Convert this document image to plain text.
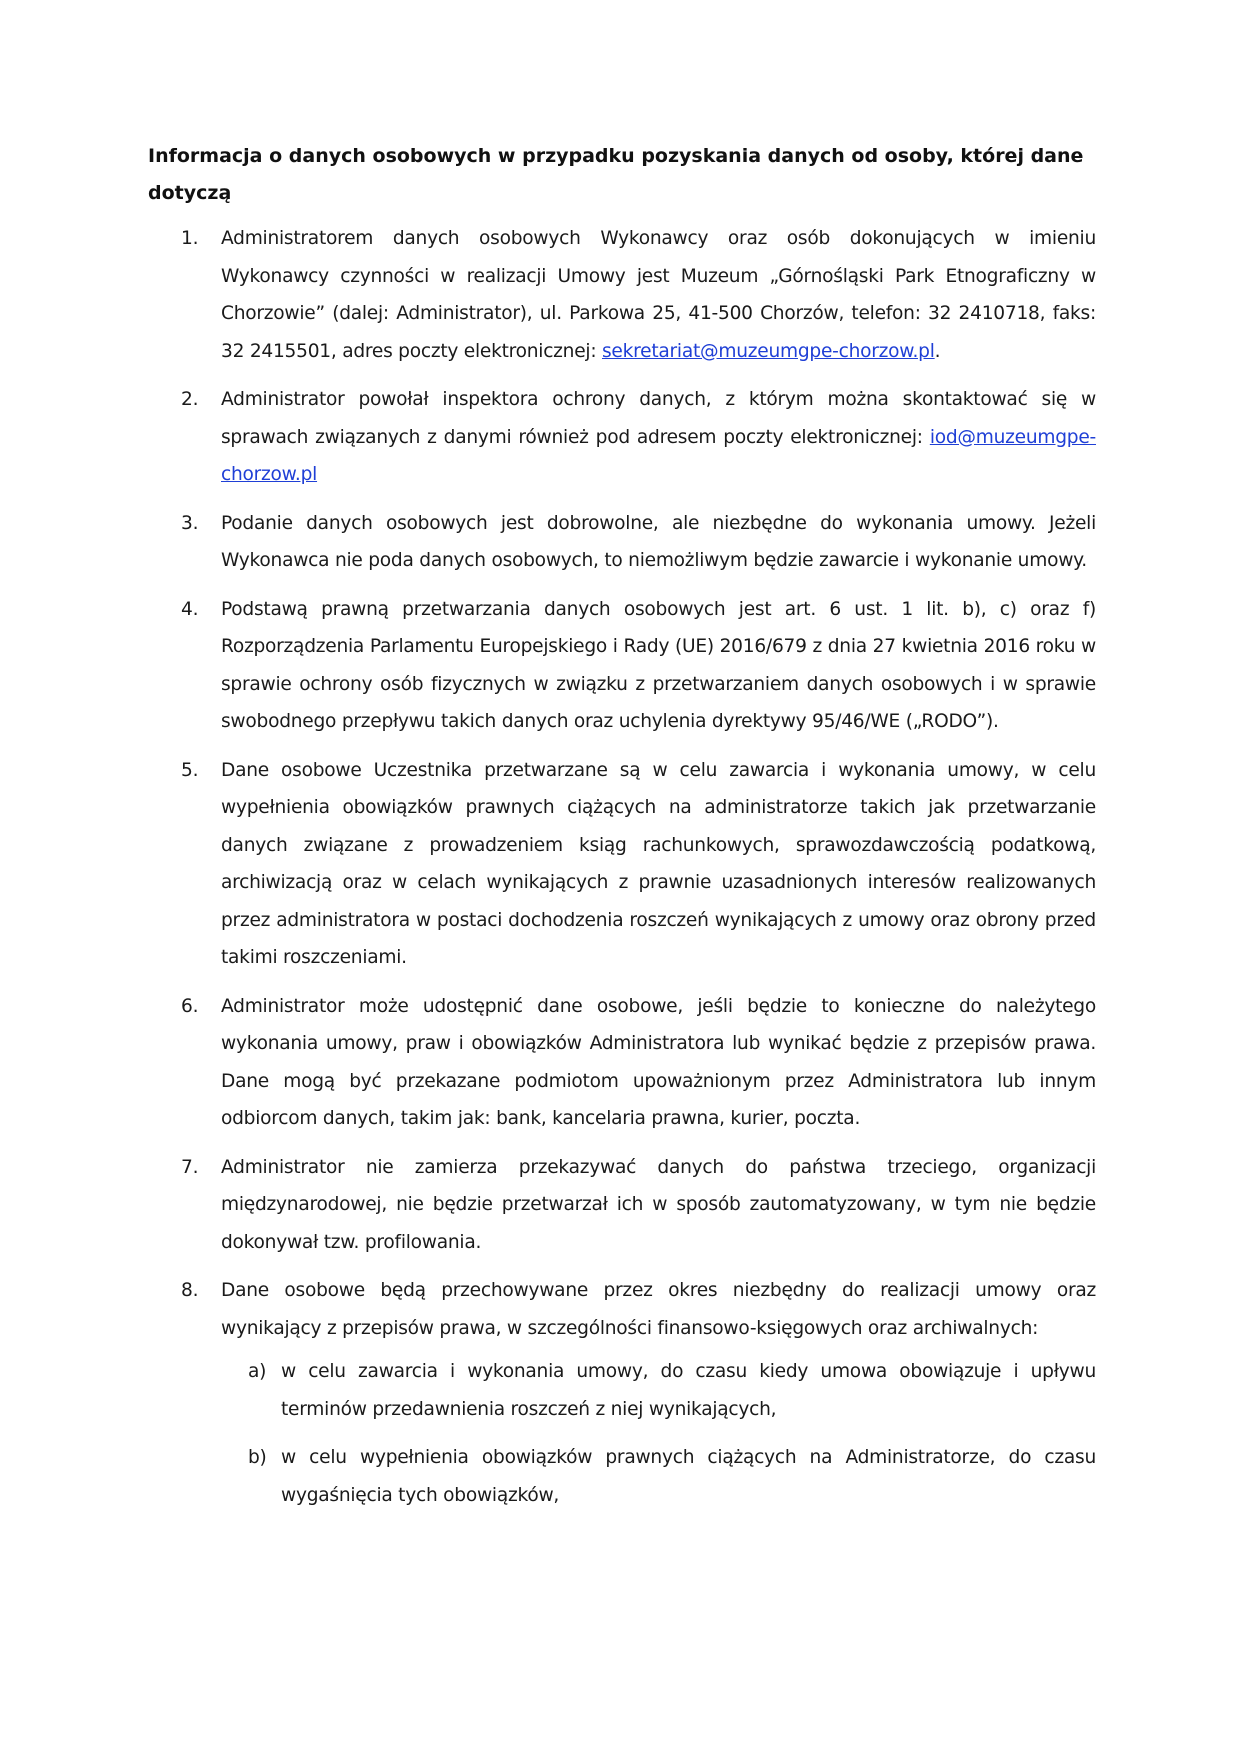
Informacja o danych osobowych w przypadku pozyskania danych od osoby, której dane dotyczą
1.	Administratorem danych osobowych Wykonawcy oraz osób dokonujących w imieniu Wykonawcy czynności w realizacji Umowy jest Muzeum „Górnośląski Park Etnograficzny w Chorzowie” (dalej: Administrator), ul. Parkowa 25, 41-500 Chorzów, telefon: 32 2410718, faks: 32 2415501, adres poczty elektronicznej: sekretariat@muzeumgpe-chorzow.pl.
2.	Administrator powołał inspektora ochrony danych, z którym można skontaktować się w sprawach związanych z danymi również pod adresem poczty elektronicznej: iod@muzeumgpe-chorzow.pl
3.	Podanie danych osobowych jest dobrowolne, ale niezbędne do wykonania umowy. Jeżeli Wykonawca nie poda danych osobowych, to niemożliwym będzie zawarcie i wykonanie umowy.
4.	Podstawą prawną przetwarzania danych osobowych jest art. 6 ust. 1 lit. b), c) oraz f) Rozporządzenia Parlamentu Europejskiego i Rady (UE) 2016/679 z dnia 27 kwietnia 2016 roku w sprawie ochrony osób fizycznych w związku z przetwarzaniem danych osobowych i w sprawie swobodnego przepływu takich danych oraz uchylenia dyrektywy 95/46/WE („RODO”).
5.	Dane osobowe Uczestnika przetwarzane są w celu zawarcia i wykonania umowy, w celu wypełnienia obowiązków prawnych ciążących na administratorze takich jak przetwarzanie danych związane z prowadzeniem ksiąg rachunkowych, sprawozdawczością podatkową, archiwizacją oraz w celach wynikających z prawnie uzasadnionych interesów realizowanych przez administratora w postaci dochodzenia roszczeń wynikających z umowy oraz obrony przed takimi roszczeniami.
6.	Administrator może udostępnić dane osobowe, jeśli będzie to konieczne do należytego wykonania umowy, praw i obowiązków Administratora lub wynikać będzie z przepisów prawa. Dane mogą być przekazane podmiotom upoważnionym przez Administratora lub innym odbiorcom danych, takim jak: bank, kancelaria prawna, kurier, poczta.
7.	Administrator nie zamierza przekazywać danych do państwa trzeciego, organizacji międzynarodowej, nie będzie przetwarzał ich w sposób zautomatyzowany, w tym nie będzie dokonywał tzw. profilowania.
8.	Dane osobowe będą przechowywane przez okres niezbędny do realizacji umowy oraz wynikający z przepisów prawa, w szczególności finansowo-księgowych oraz archiwalnych:
a) w celu zawarcia i wykonania umowy, do czasu kiedy umowa obowiązuje i upływu terminów przedawnienia roszczeń z niej wynikających,
b) w celu wypełnienia obowiązków prawnych ciążących na Administratorze, do czasu wygaśnięcia tych obowiązków,
